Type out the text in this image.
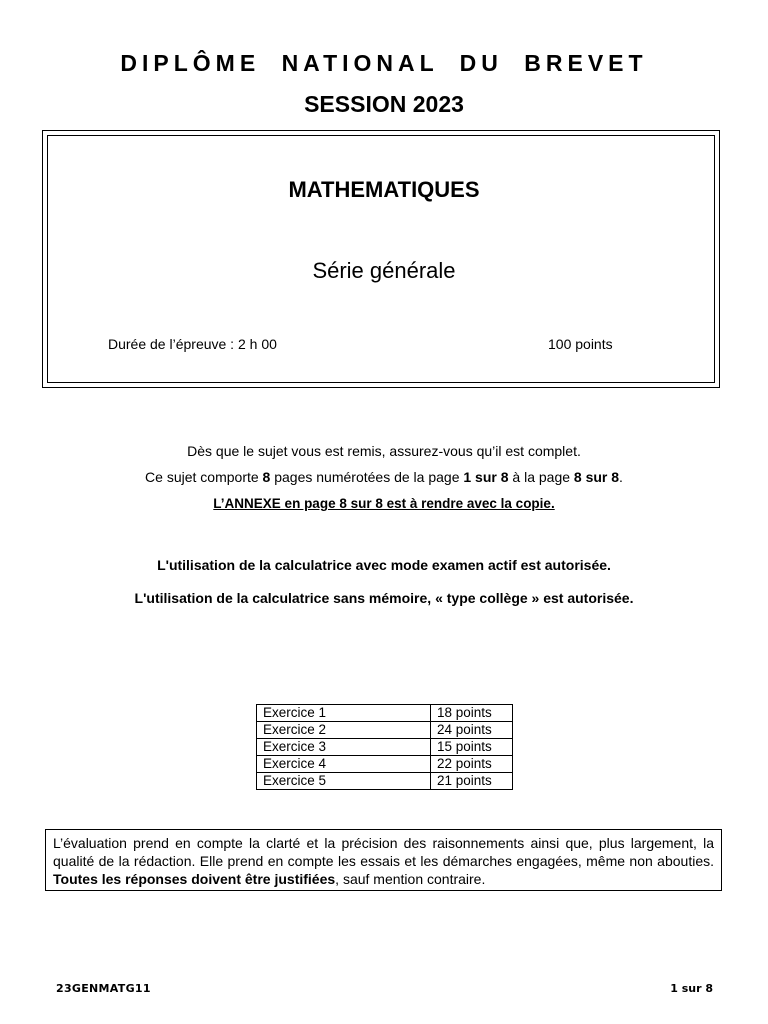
DIPLÔME NATIONAL DU BREVET
SESSION 2023
MATHEMATIQUES
Série générale
Durée de l’épreuve : 2 h 00	100 points
Dès que le sujet vous est remis, assurez-vous qu’il est complet.
Ce sujet comporte 8 pages numérotées de la page 1 sur 8 à la page 8 sur 8.
L’ANNEXE en page 8 sur 8 est à rendre avec la copie.
L'utilisation de la calculatrice avec mode examen actif est autorisée.
L'utilisation de la calculatrice sans mémoire, « type collège » est autorisée.
Exercice 1	18 points
Exercice 2	24 points
Exercice 3	15 points
Exercice 4	22 points
Exercice 5	21 points
L’évaluation prend en compte la clarté et la précision des raisonnements ainsi que, plus largement, la qualité de la rédaction. Elle prend en compte les essais et les démarches engagées, même non abouties. Toutes les réponses doivent être justifiées, sauf mention contraire.
23GENMATG11	1 sur 8
